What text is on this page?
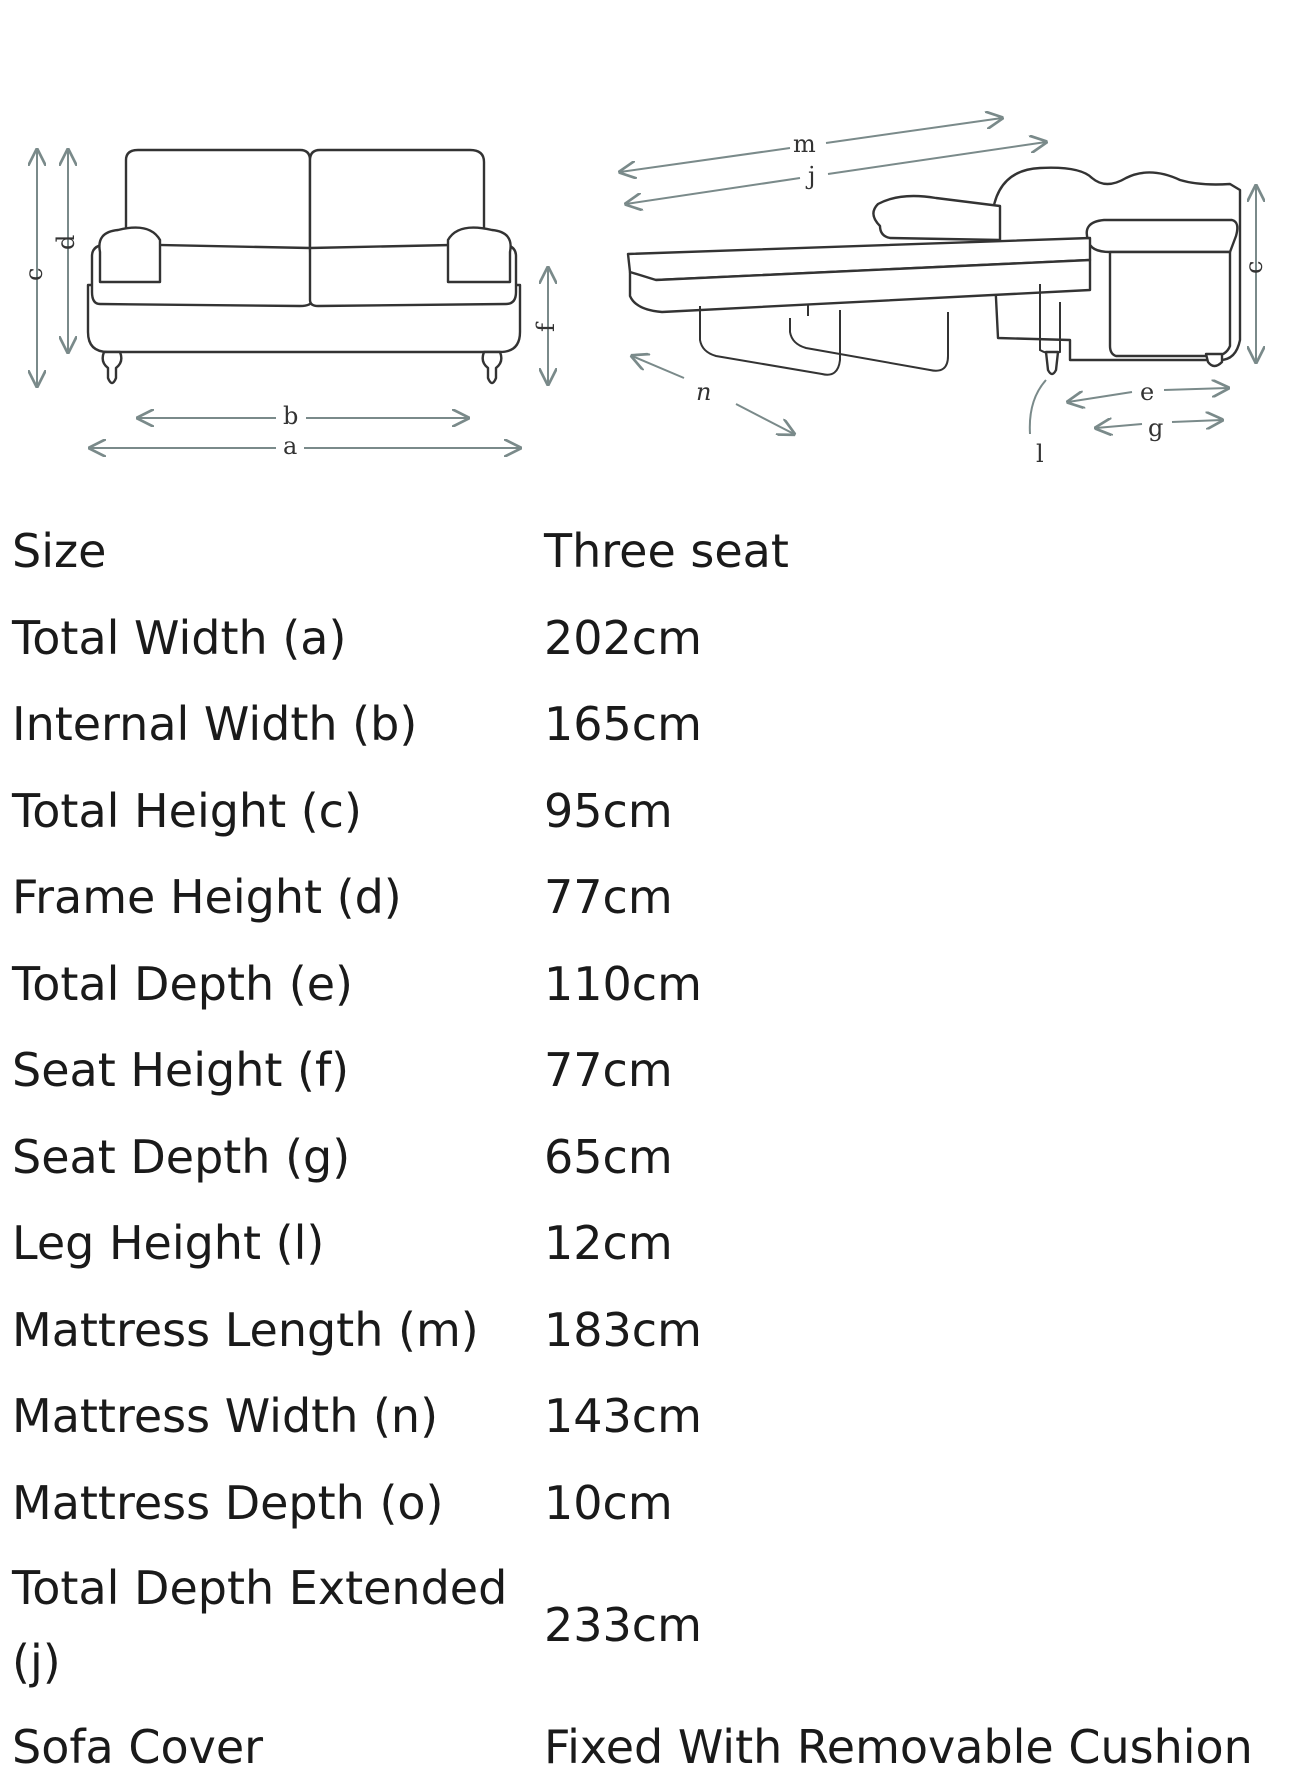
c
d
f
b
a
m
j
n
c
e
g
l
Size	Three seat
Total Width (a)	202cm
Internal Width (b)	165cm
Total Height (c)	95cm
Frame Height (d)	77cm
Total Depth (e)	110cm
Seat Height (f)	77cm
Seat Depth (g)	65cm
Leg Height (l)	12cm
Mattress Length (m)	183cm
Mattress Width (n)	143cm
Mattress Depth (o)	10cm
Total Depth Extended (j)	233cm
Sofa Cover	Fixed With Removable Cushion
